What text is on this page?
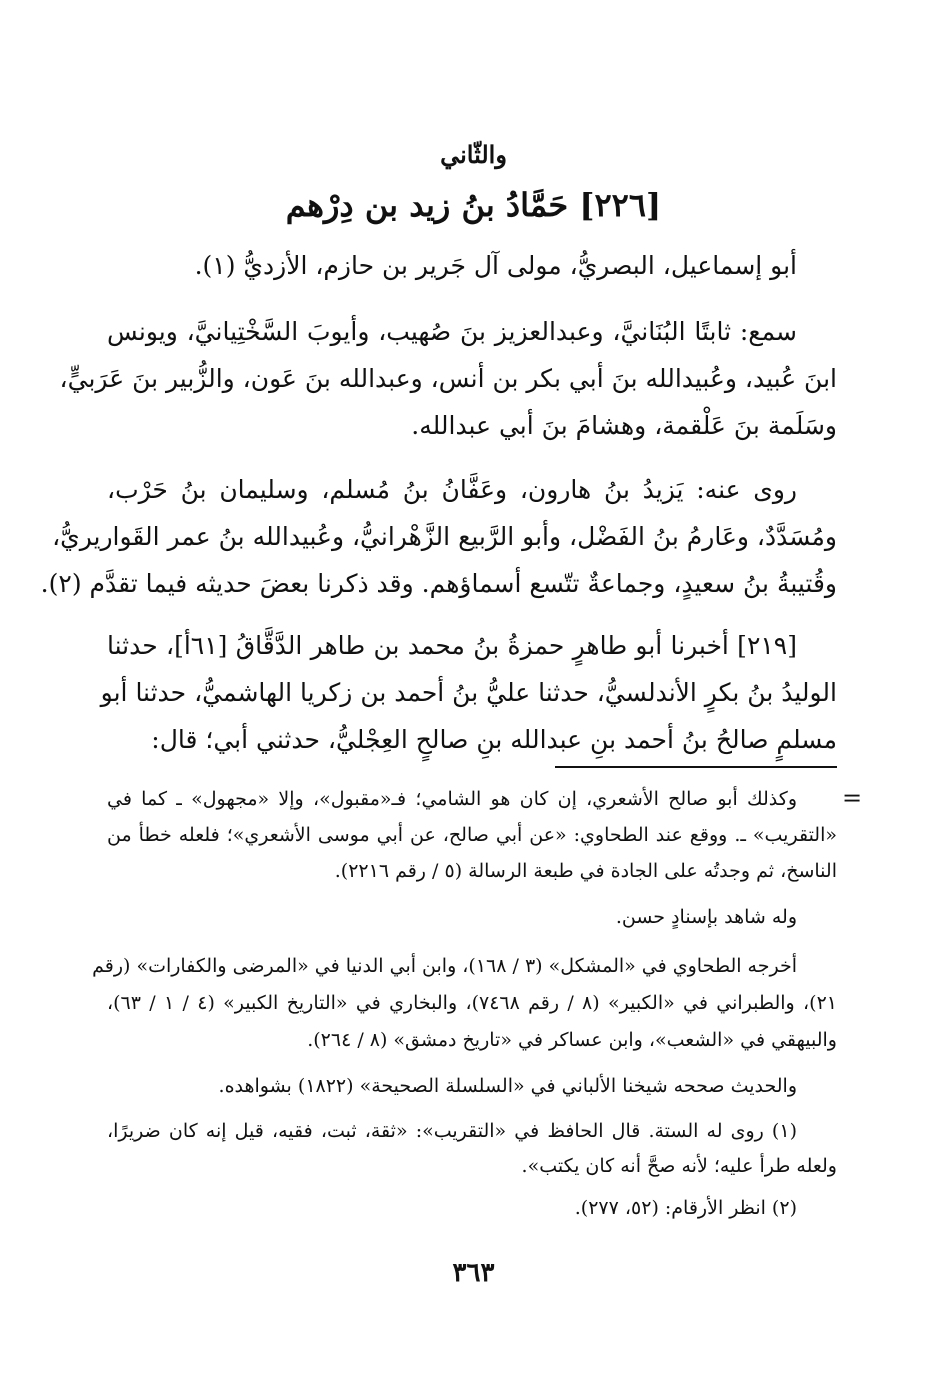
والثّاني
[٢٢٦] حَمَّادُ بنُ زيد بن دِرْهم
أبو إسماعيل، البصريُّ، مولى آل جَرير بن حازم، الأزديُّ (١).
سمع: ثابتًا البُنَانيَّ، وعبدالعزيز بنَ صُهيب، وأيوبَ السَّخْتِيانيَّ، ويونس
ابنَ عُبيد، وعُبيدالله بنَ أبي بكر بن أنس، وعبدالله بنَ عَون، والزُّبير بنَ عَرَبيٍّ،
وسَلَمة بنَ عَلْقمة، وهشامَ بنَ أبي عبدالله.
روى عنه: يَزيدُ بنُ هارون، وعَفَّانُ بنُ مُسلم، وسليمان بنُ حَرْب،
ومُسَدَّدٌ، وعَارمُ بنُ الفَضْل، وأبو الرَّبيع الزَّهْرانيُّ، وعُبيدالله بنُ عمر القَواريريُّ،
وقُتيبةُ بنُ سعيدٍ، وجماعةٌ تتّسع أسماؤهم. وقد ذكرنا بعضَ حديثه فيما تقدَّم (٢).
[٢١٩] أخبرنا أبو طاهرٍ حمزةُ بنُ محمد بن طاهر الدَّقَّاقُ [٦١أ]، حدثنا
الوليدُ بنُ بكرٍ الأندلسيُّ، حدثنا عليُّ بنُ أحمد بن زكريا الهاشميُّ، حدثنا أبو
مسلمٍ صالحُ بنُ أحمد بنِ عبدالله بنِ صالحٍ العِجْليُّ، حدثني أبي؛ قال:
=
وكذلك أبو صالح الأشعري، إن كان هو الشامي؛ فـ«مقبول»، وإلا «مجهول» ـ كما في
«التقريب» ـ. ووقع عند الطحاوي: «عن أبي صالح، عن أبي موسى الأشعري»؛ فلعله خطأ من
الناسخ، ثم وجدتُه على الجادة في طبعة الرسالة (٥ / رقم ٢٢١٦).
وله شاهد بإسنادٍ حسن.
أخرجه الطحاوي في «المشكل» (٣ / ١٦٨)، وابن أبي الدنيا في «المرضى والكفارات» (رقم
٢١)، والطبراني في «الكبير» (٨ / رقم ٧٤٦٨)، والبخاري في «التاريخ الكبير» (٤ / ١ / ٦٣)،
والبيهقي في «الشعب»، وابن عساكر في «تاريخ دمشق» (٨ / ٢٦٤).
والحديث صححه شيخنا الألباني في «السلسلة الصحيحة» (١٨٢٢) بشواهده.
(١) روى له الستة. قال الحافظ في «التقريب»: «ثقة، ثبت، فقيه، قيل إنه كان ضريرًا،
ولعله طرأ عليه؛ لأنه صحَّ أنه كان يكتب».
(٢) انظر الأرقام: (٥٢، ٢٧٧).
٣٦٣
